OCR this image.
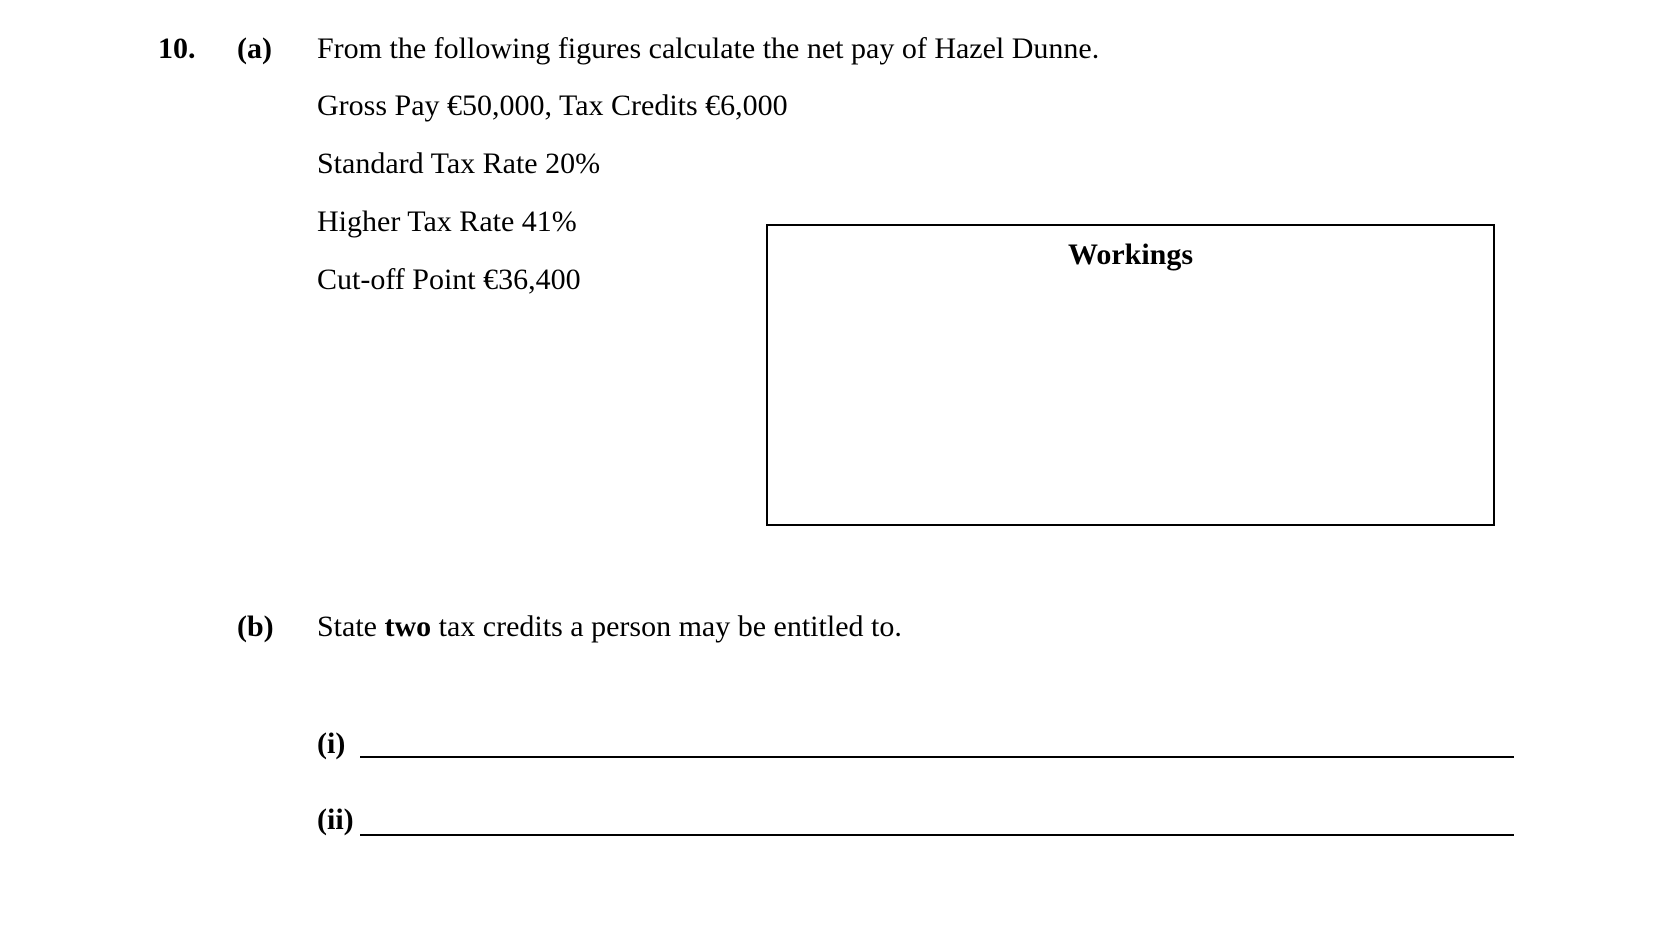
10. (a) From the following figures calculate the net pay of Hazel Dunne.
Gross Pay €50,000, Tax Credits €6,000
Standard Tax Rate 20%
Higher Tax Rate 41%
Cut-off Point €36,400
Workings
(b) State two tax credits a person may be entitled to.
(i)
(ii)
